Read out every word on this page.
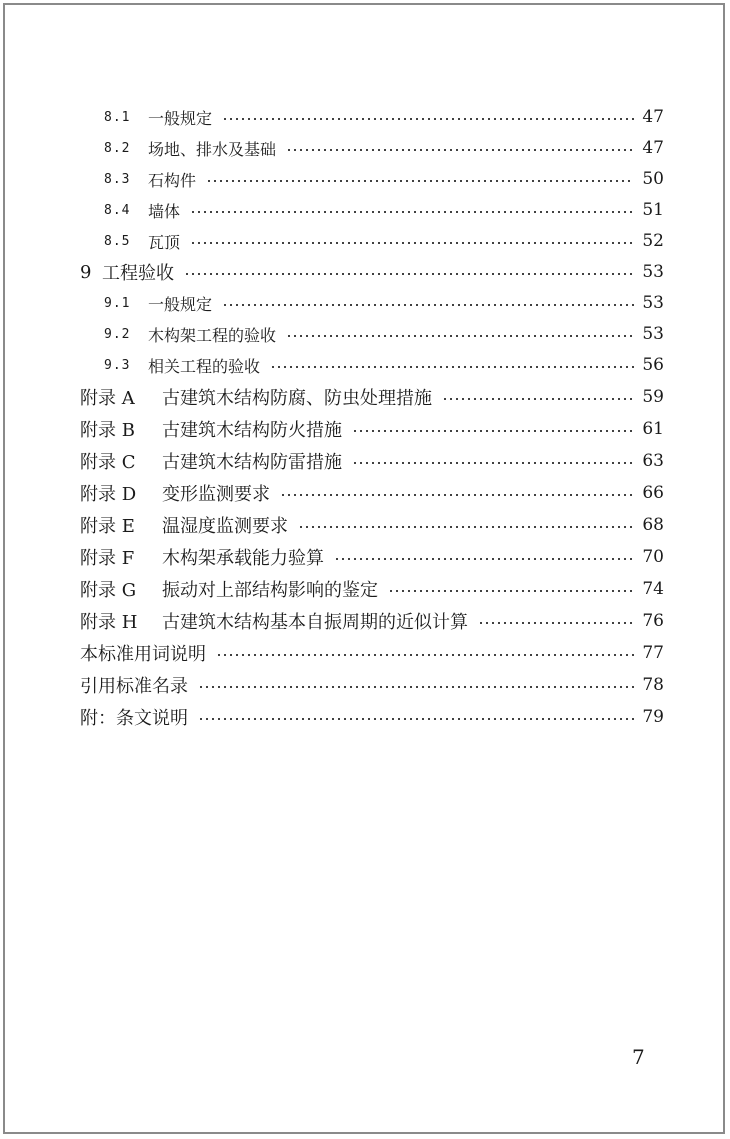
8.1	一般规定	47
8.2	场地、排水及基础	47
8.3	石构件	50
8.4	墙体	51
8.5	瓦顶	52
9 工程验收	53
9.1	一般规定	53
9.2	木构架工程的验收	53
9.3	相关工程的验收	56
附录 A	古建筑木结构防腐、防虫处理措施	59
附录 B	古建筑木结构防火措施	61
附录 C	古建筑木结构防雷措施	63
附录 D	变形监测要求	66
附录 E	温湿度监测要求	68
附录 F	木构架承载能力验算	70
附录 G	振动对上部结构影响的鉴定	74
附录 H	古建筑木结构基本自振周期的近似计算	76
本标准用词说明	77
引用标准名录	78
附：条文说明	79
7
